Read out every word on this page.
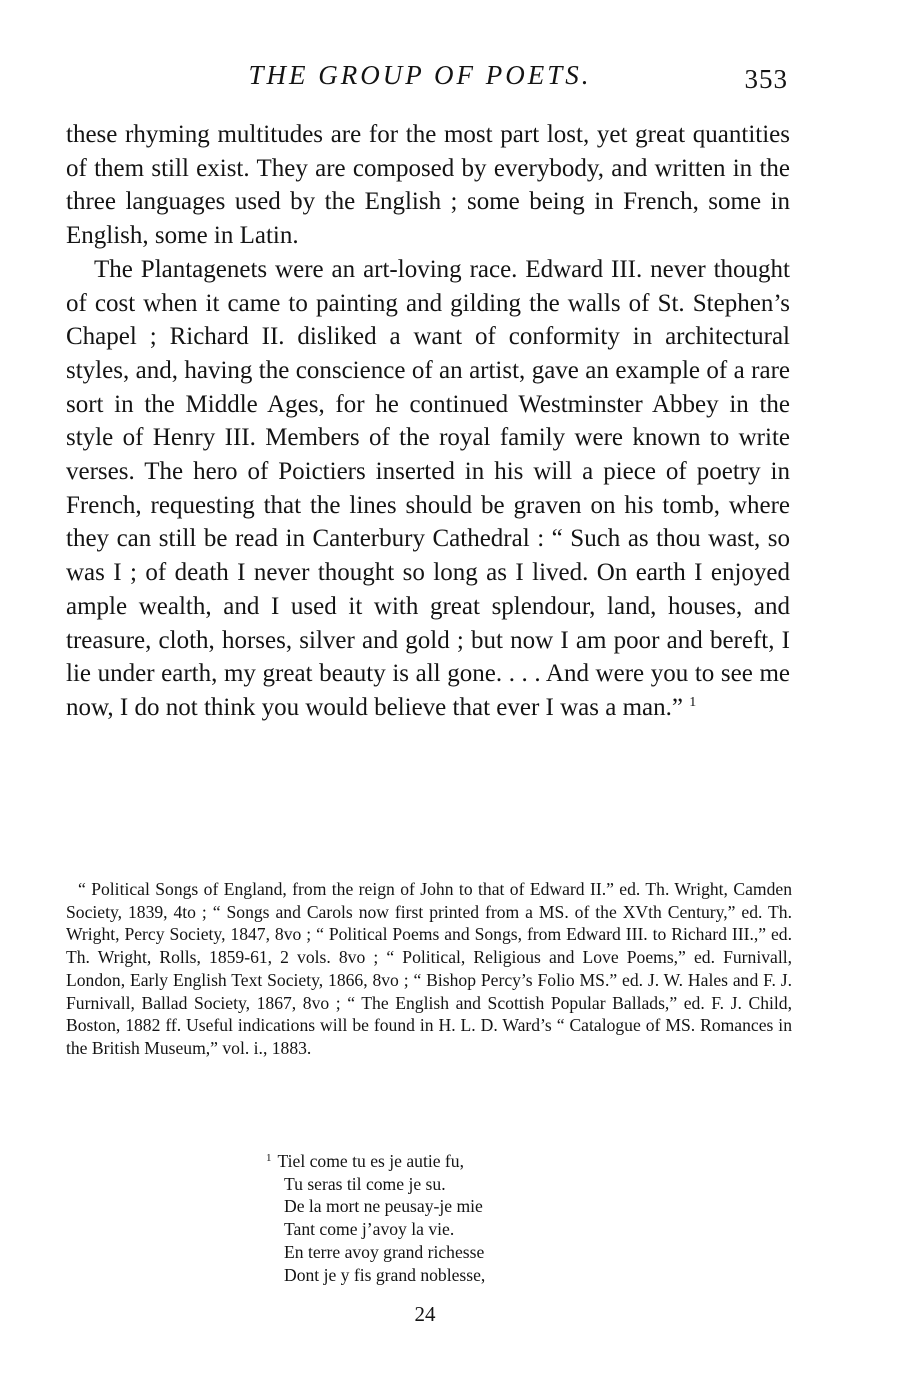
THE GROUP OF POETS.	353

these rhyming multitudes are for the most part lost, yet great quantities of them still exist. They are composed by everybody, and written in the three languages used by the English ; some being in French, some in English, some in Latin.

The Plantagenets were an art-loving race. Edward III. never thought of cost when it came to painting and gilding the walls of St. Stephen’s Chapel ; Richard II. disliked a want of conformity in architectural styles, and, having the conscience of an artist, gave an example of a rare sort in the Middle Ages, for he continued Westminster Abbey in the style of Henry III. Members of the royal family were known to write verses. The hero of Poictiers inserted in his will a piece of poetry in French, requesting that the lines should be graven on his tomb, where they can still be read in Canterbury Cathedral : “ Such as thou wast, so was I ; of death I never thought so long as I lived. On earth I enjoyed ample wealth, and I used it with great splendour, land, houses, and treasure, cloth, horses, silver and gold ; but now I am poor and bereft, I lie under earth, my great beauty is all gone. . . . And were you to see me now, I do not think you would believe that ever I was a man.” $^1$

“ Political Songs of England, from the reign of John to that of Edward II.” ed. Th. Wright, Camden Society, 1839, 4to ; “ Songs and Carols now first printed from a MS. of the XVth Century,” ed. Th. Wright, Percy Society, 1847, 8vo ; “ Political Poems and Songs, from Edward III. to Richard III.,” ed. Th. Wright, Rolls, 1859-61, 2 vols. 8vo ; “ Political, Religious and Love Poems,” ed. Furnivall, London, Early English Text Society, 1866, 8vo ; “ Bishop Percy’s Folio MS.” ed. J. W. Hales and F. J. Furnivall, Ballad Society, 1867, 8vo ; “ The English and Scottish Popular Ballads,” ed. F. J. Child, Boston, 1882 ff. Useful indications will be found in H. L. D. Ward’s “ Catalogue of MS. Romances in the British Museum,” vol. i., 1883.

$^1$ Tiel come tu es je autie fu,
Tu seras til come je su.
De la mort ne peusay-je mie
Tant come j’avoy la vie.
En terre avoy grand richesse
Dont je y fis grand noblesse,
24
